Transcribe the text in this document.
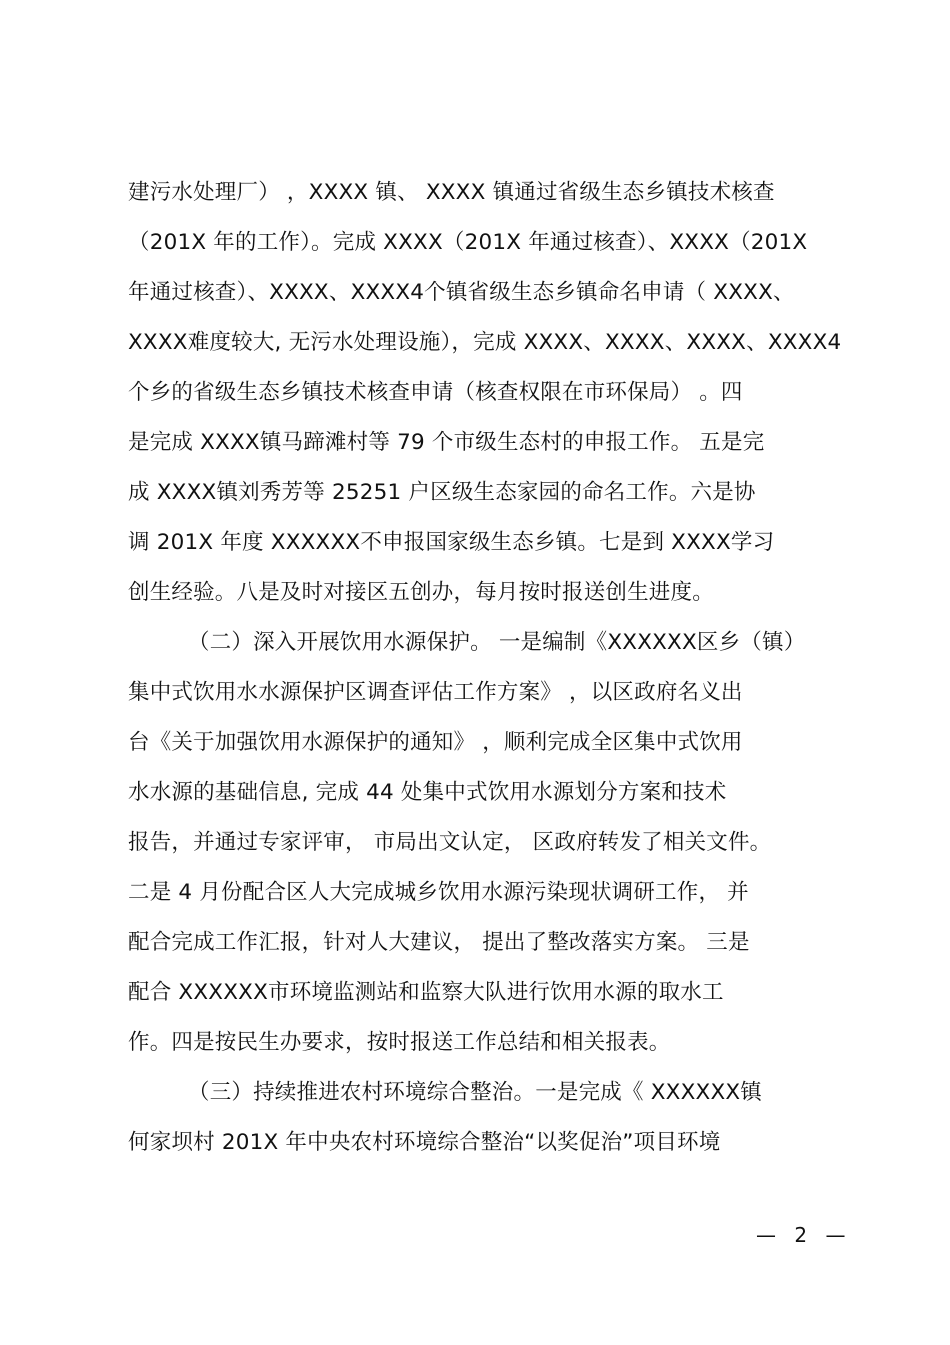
建污水处理厂） ，XXXX 镇、 XXXX 镇通过省级生态乡镇技术核查
（201X 年的工作）。完成 XXXX（201X 年通过核查）、XXXX（201X
年通过核查）、XXXX、XXXX4个镇省级生态乡镇命名申请（ XXXX、
XXXX难度较大, 无污水处理设施），完成 XXXX、XXXX、XXXX、XXXX4
个乡的省级生态乡镇技术核查申请（核查权限在市环保局） 。四
是完成 XXXX镇马蹄滩村等 79 个市级生态村的申报工作。 五是完
成 XXXX镇刘秀芳等 25251 户区级生态家园的命名工作。六是协
调 201X 年度 XXXXXX不申报国家级生态乡镇。七是到 XXXX学习
创生经验。八是及时对接区五创办，每月按时报送创生进度。
（二）深入开展饮用水源保护。 一是编制《XXXXXX区乡（镇）
集中式饮用水水源保护区调查评估工作方案》 ，以区政府名义出
台《关于加强饮用水源保护的通知》 ，顺利完成全区集中式饮用
水水源的基础信息, 完成 44 处集中式饮用水源划分方案和技术
报告，并通过专家评审， 市局出文认定， 区政府转发了相关文件。
二是 4 月份配合区人大完成城乡饮用水源污染现状调研工作， 并
配合完成工作汇报，针对人大建议， 提出了整改落实方案。 三是
配合 XXXXXX市环境监测站和监察大队进行饮用水源的取水工
作。四是按民生办要求，按时报送工作总结和相关报表。
（三）持续推进农村环境综合整治。一是完成《 XXXXXX镇
何家坝村 201X 年中央农村环境综合整治“以奖促治”项目环境
— 2 —
